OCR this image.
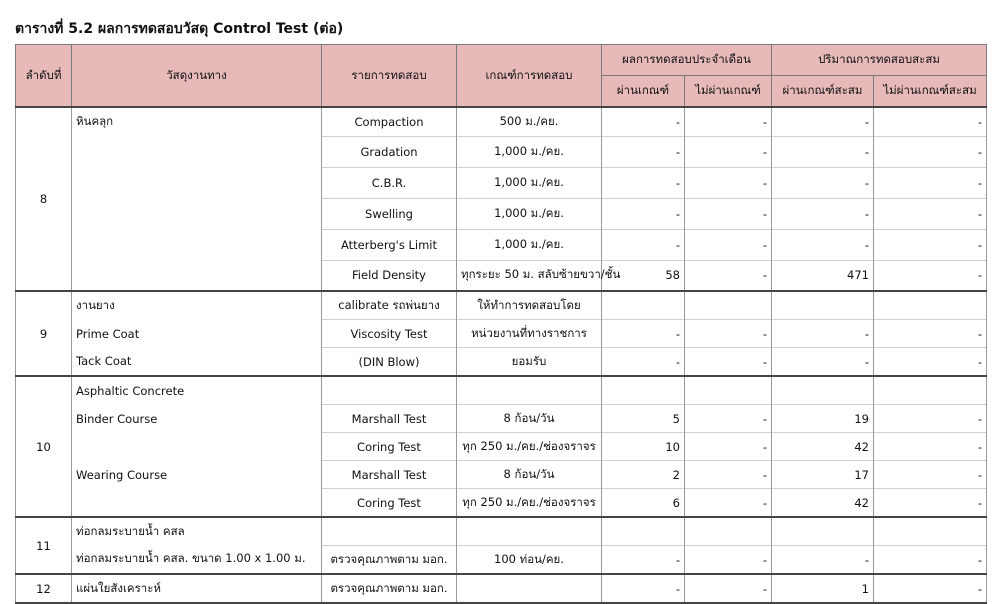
ตารางที่ 5.2 ผลการทดสอบวัสดุ Control Test (ต่อ)
ลำดับที่	วัสดุงานทาง	รายการทดสอบ	เกณฑ์การทดสอบ	ผลการทดสอบประจำเดือน		ปริมาณการทดสอบสะสม	
				ผ่านเกณฑ์	ไม่ผ่านเกณฑ์	ผ่านเกณฑ์สะสม	ไม่ผ่านเกณฑ์สะสม
8	หินคลุก	Compaction	500 ม./คย.	-	-	-	-
		Gradation	1,000 ม./คย.	-	-	-	-
		C.B.R.	1,000 ม./คย.	-	-	-	-
		Swelling	1,000 ม./คย.	-	-	-	-
		Atterberg's Limit	1,000 ม./คย.	-	-	-	-
		Field Density	ทุกระยะ 50 ม. สลับซ้ายขวา/ชั้น	58	-	471	-
9	งานยาง	calibrate รถพ่นยาง	ให้ทำการทดสอบโดย				
	Prime Coat	Viscosity Test	หน่วยงานที่ทางราชการ	-	-	-	-
	Tack Coat	(DIN Blow)	ยอมรับ	-	-	-	-
10	Asphaltic Concrete						
	Binder Course	Marshall Test	8 ก้อน/วัน	5	-	19	-
		Coring Test	ทุก 250 ม./คย./ช่องจราจร	10	-	42	-
	Wearing Course	Marshall Test	8 ก้อน/วัน	2	-	17	-
		Coring Test	ทุก 250 ม./คย./ช่องจราจร	6	-	42	-
11	ท่อกลมระบายน้ำ คสล						
	ท่อกลมระบายน้ำ คสล. ขนาด 1.00 x 1.00 ม.	ตรวจคุณภาพตาม มอก.	100 ท่อน/คย.	-	-	-	-
12	แผ่นใยสังเคราะห์	ตรวจคุณภาพตาม มอก.		-	-	1	-
